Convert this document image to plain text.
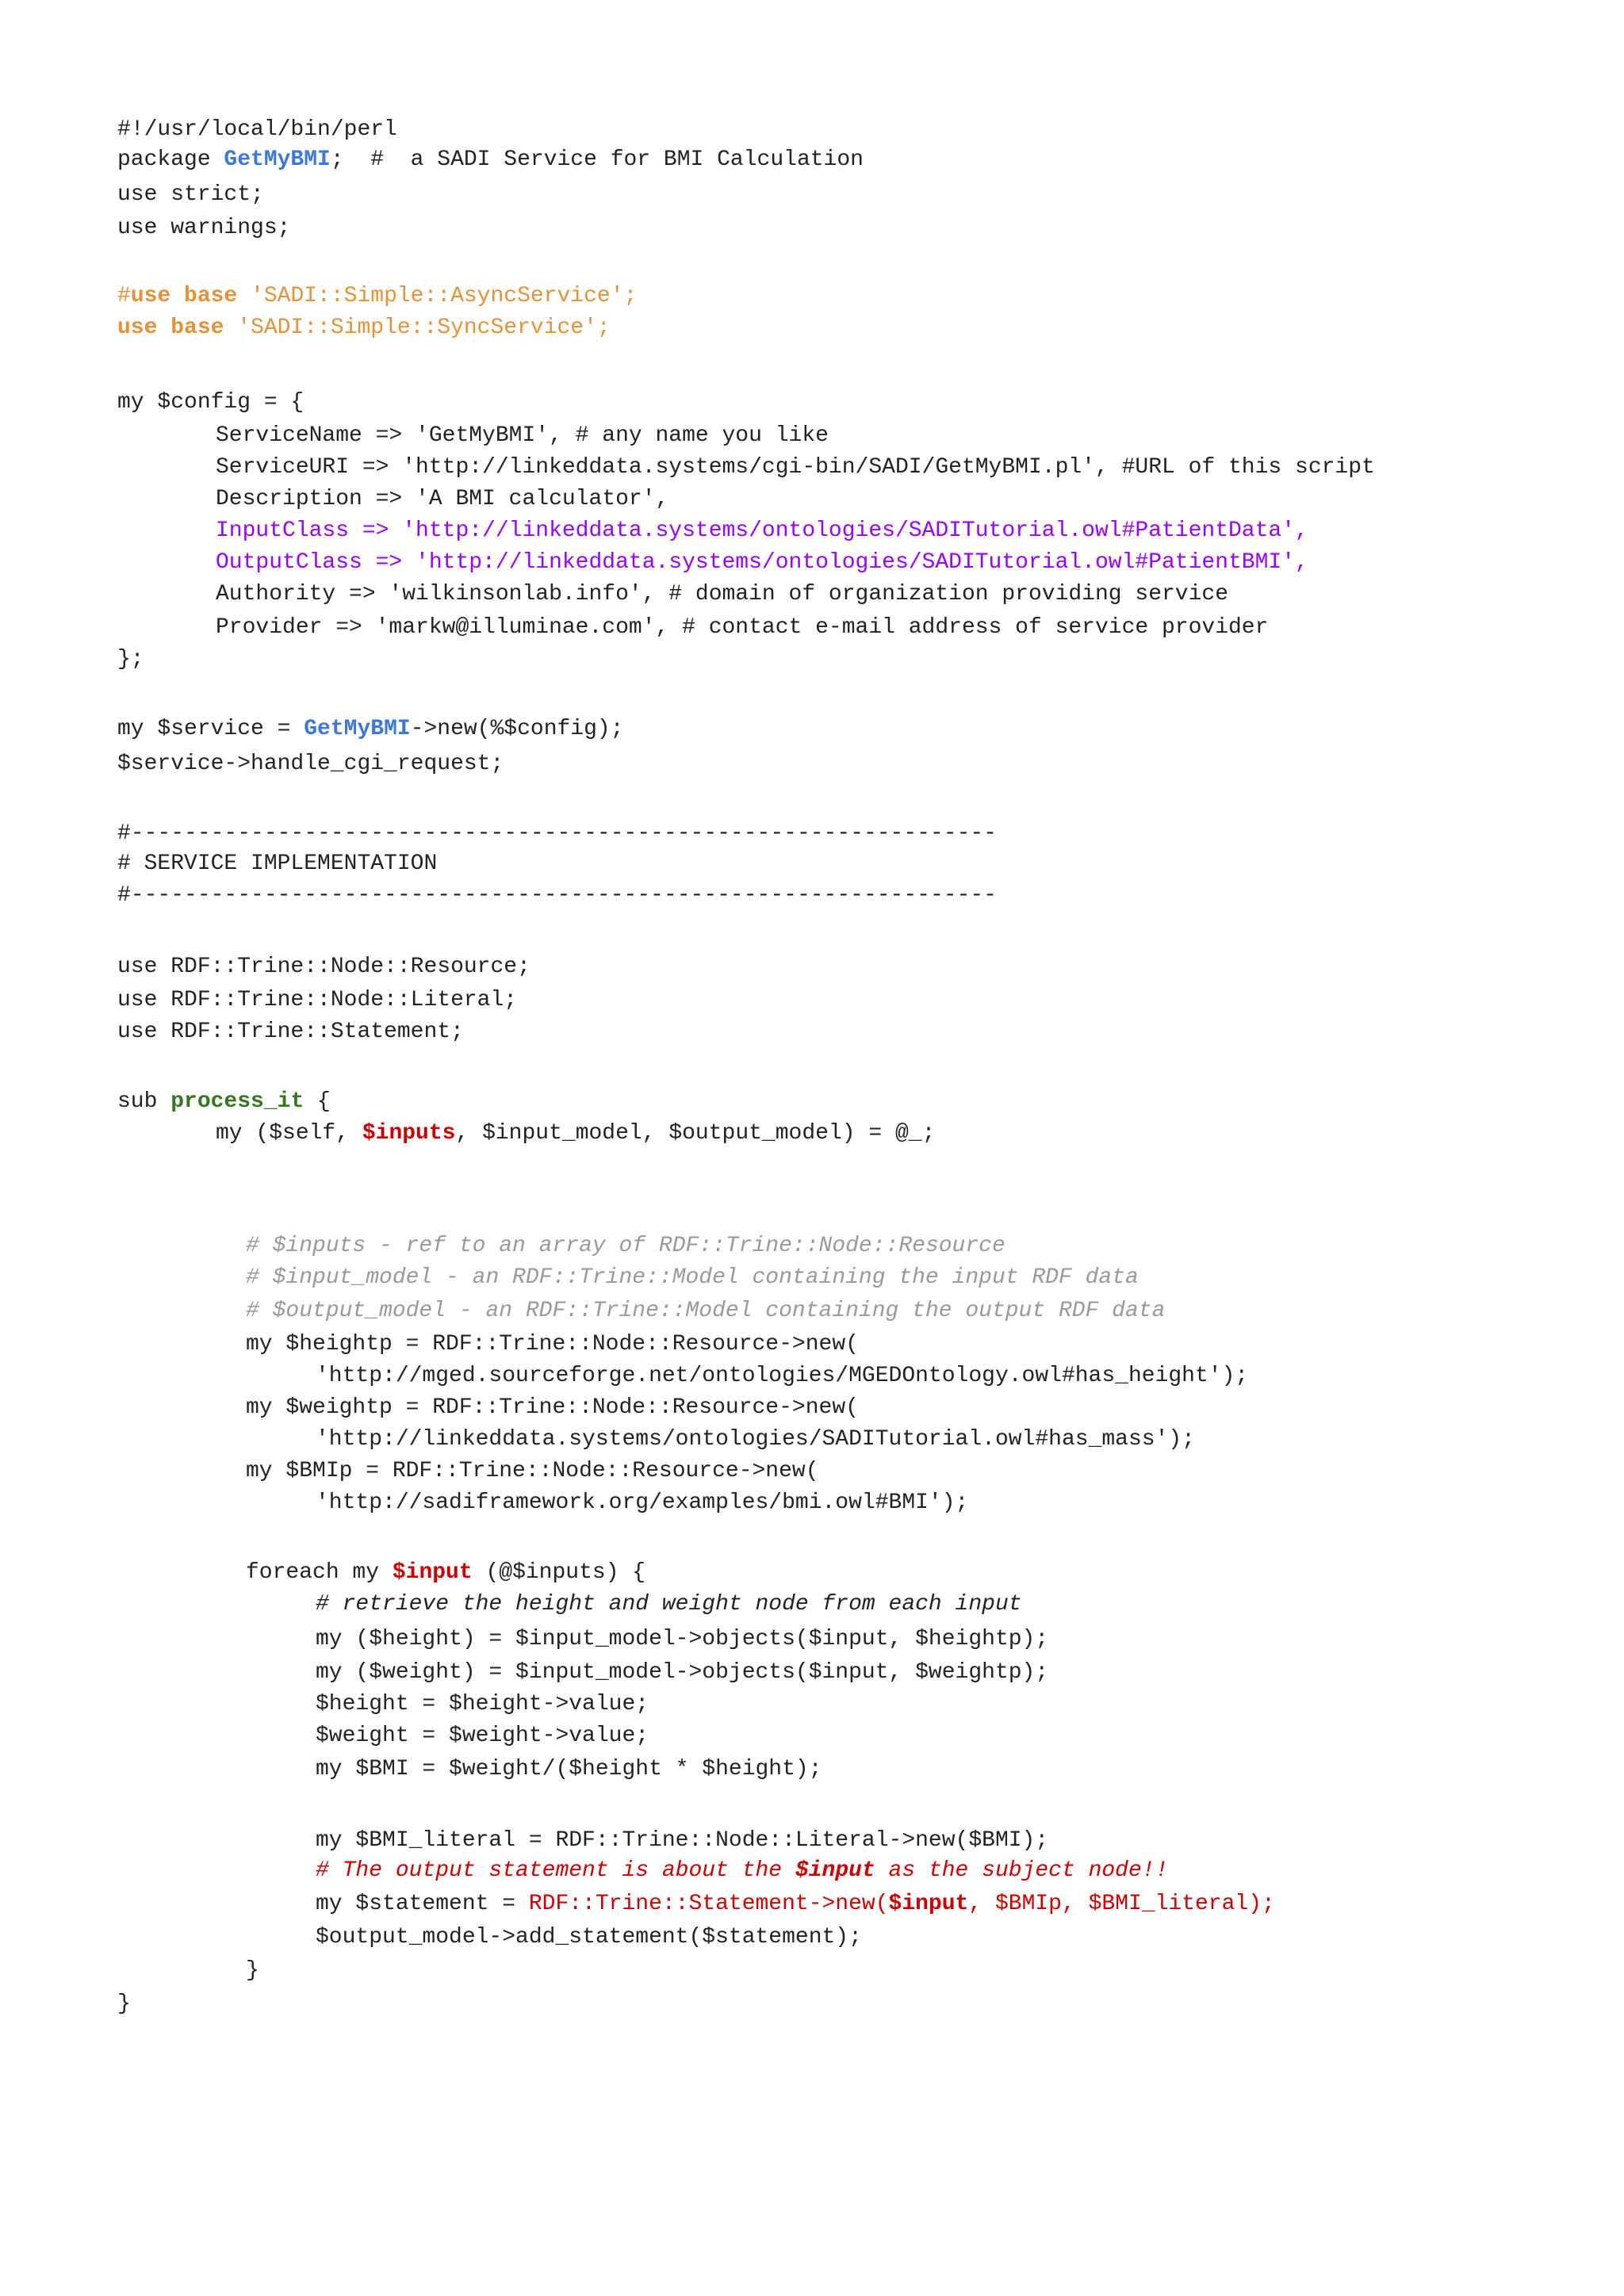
#!/usr/local/bin/perl
package GetMyBMI;  #  a SADI Service for BMI Calculation
use strict;
use warnings;
#use base 'SADI::Simple::AsyncService';
use base 'SADI::Simple::SyncService';
my $config = {
ServiceName => 'GetMyBMI', # any name you like
ServiceURI => 'http://linkeddata.systems/cgi-bin/SADI/GetMyBMI.pl', #URL of this script
Description => 'A BMI calculator',
InputClass => 'http://linkeddata.systems/ontologies/SADITutorial.owl#PatientData',
OutputClass => 'http://linkeddata.systems/ontologies/SADITutorial.owl#PatientBMI',
Authority => 'wilkinsonlab.info', # domain of organization providing service
Provider => 'markw@illuminae.com', # contact e-mail address of service provider
};
my $service = GetMyBMI->new(%$config);
$service->handle_cgi_request;
#-----------------------------------------------------------------
# SERVICE IMPLEMENTATION
#-----------------------------------------------------------------
use RDF::Trine::Node::Resource;
use RDF::Trine::Node::Literal;
use RDF::Trine::Statement;
sub process_it {
my ($self, $inputs, $input_model, $output_model) = @_;
# $inputs - ref to an array of RDF::Trine::Node::Resource
# $input_model - an RDF::Trine::Model containing the input RDF data
# $output_model - an RDF::Trine::Model containing the output RDF data
my $heightp = RDF::Trine::Node::Resource->new(
'http://mged.sourceforge.net/ontologies/MGEDOntology.owl#has_height');
my $weightp = RDF::Trine::Node::Resource->new(
'http://linkeddata.systems/ontologies/SADITutorial.owl#has_mass');
my $BMIp = RDF::Trine::Node::Resource->new(
'http://sadiframework.org/examples/bmi.owl#BMI');
foreach my $input (@$inputs) {
# retrieve the height and weight node from each input
my ($height) = $input_model->objects($input, $heightp);
my ($weight) = $input_model->objects($input, $weightp);
$height = $height->value;
$weight = $weight->value;
my $BMI = $weight/($height * $height);
my $BMI_literal = RDF::Trine::Node::Literal->new($BMI);
# The output statement is about the $input as the subject node!!
my $statement = RDF::Trine::Statement->new($input, $BMIp, $BMI_literal);
$output_model->add_statement($statement);
}
}
